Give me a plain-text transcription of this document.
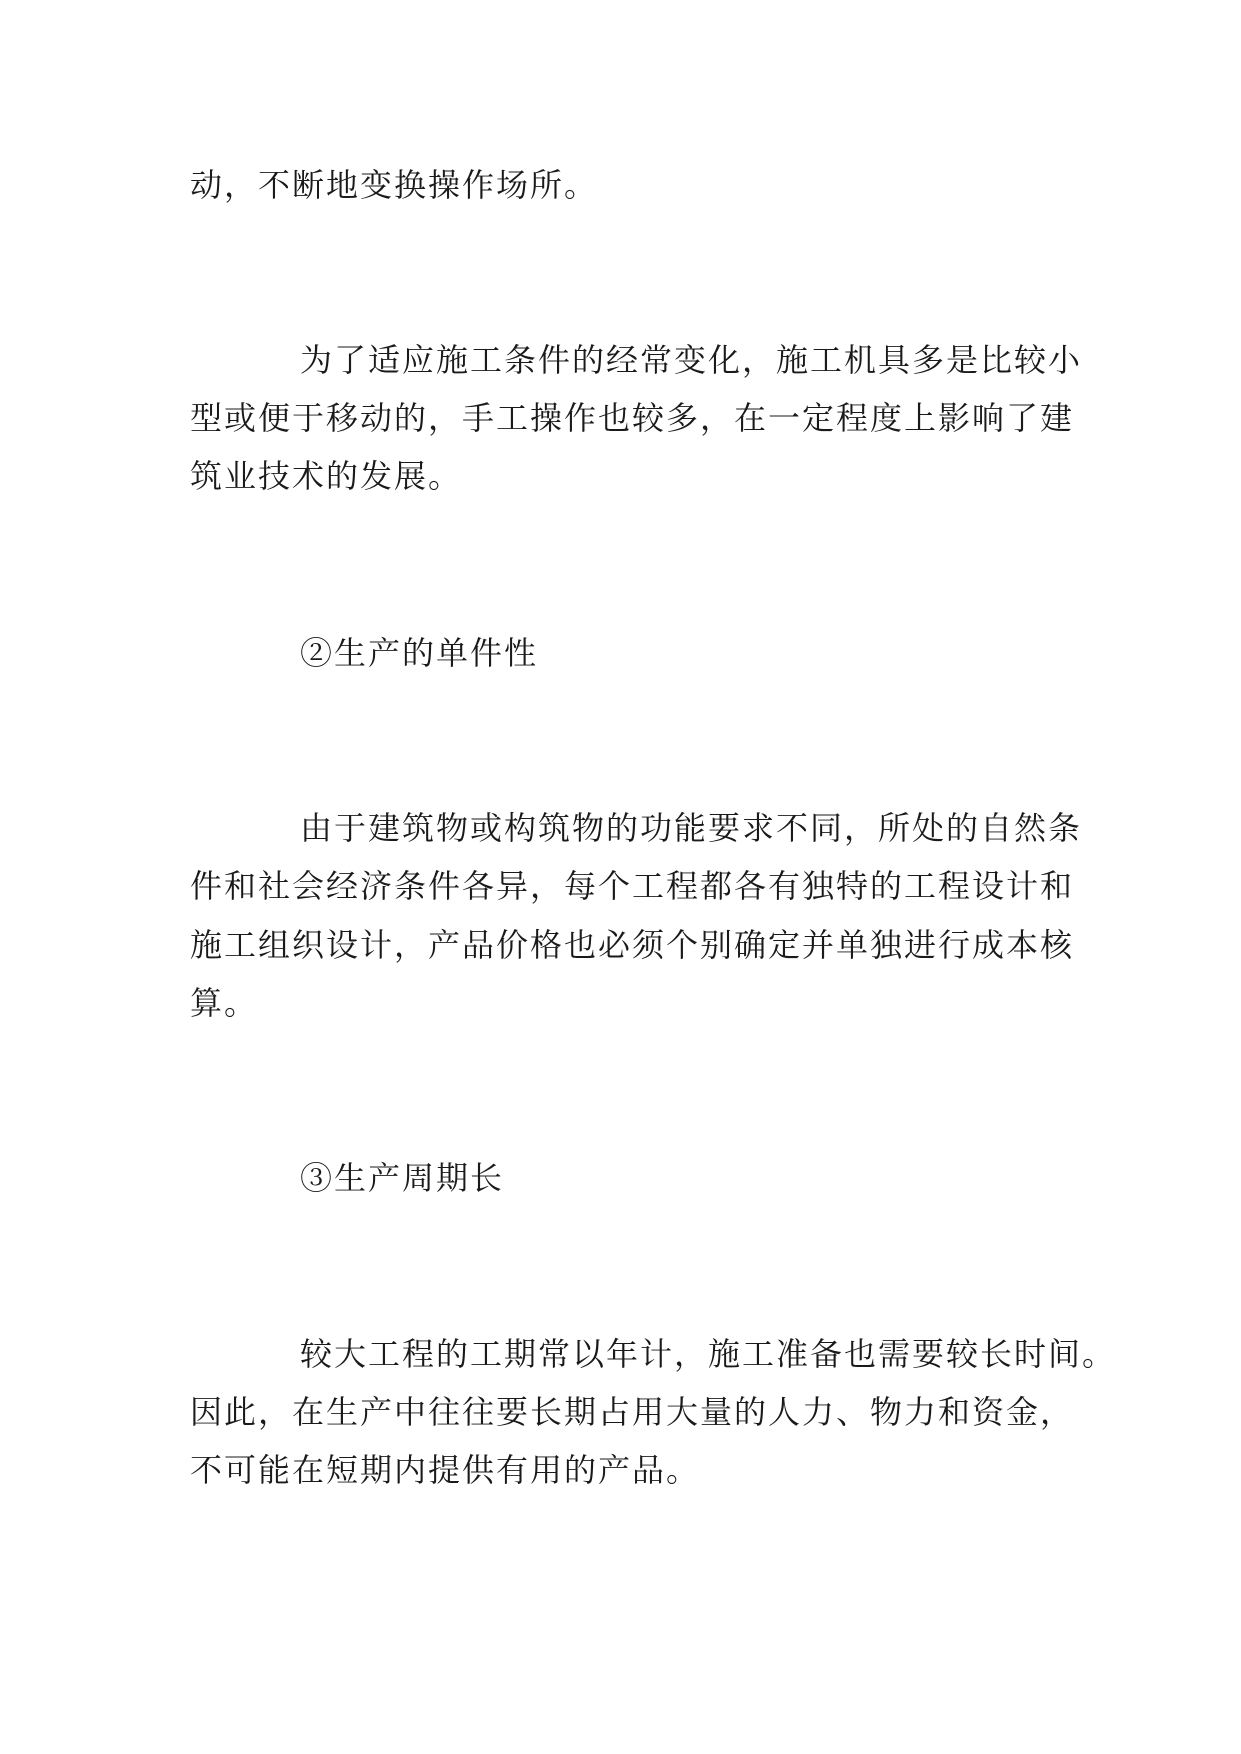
动，不断地变换操作场所。

为了适应施工条件的经常变化，施工机具多是比较小

型或便于移动的，手工操作也较多，在一定程度上影响了建

筑业技术的发展。

②生产的单件性

由于建筑物或构筑物的功能要求不同，所处的自然条

件和社会经济条件各异，每个工程都各有独特的工程设计和

施工组织设计，产品价格也必须个别确定并单独进行成本核

算。

③生产周期长

较大工程的工期常以年计，施工准备也需要较长时间。

因此，在生产中往往要长期占用大量的人力、物力和资金，

不可能在短期内提供有用的产品。
